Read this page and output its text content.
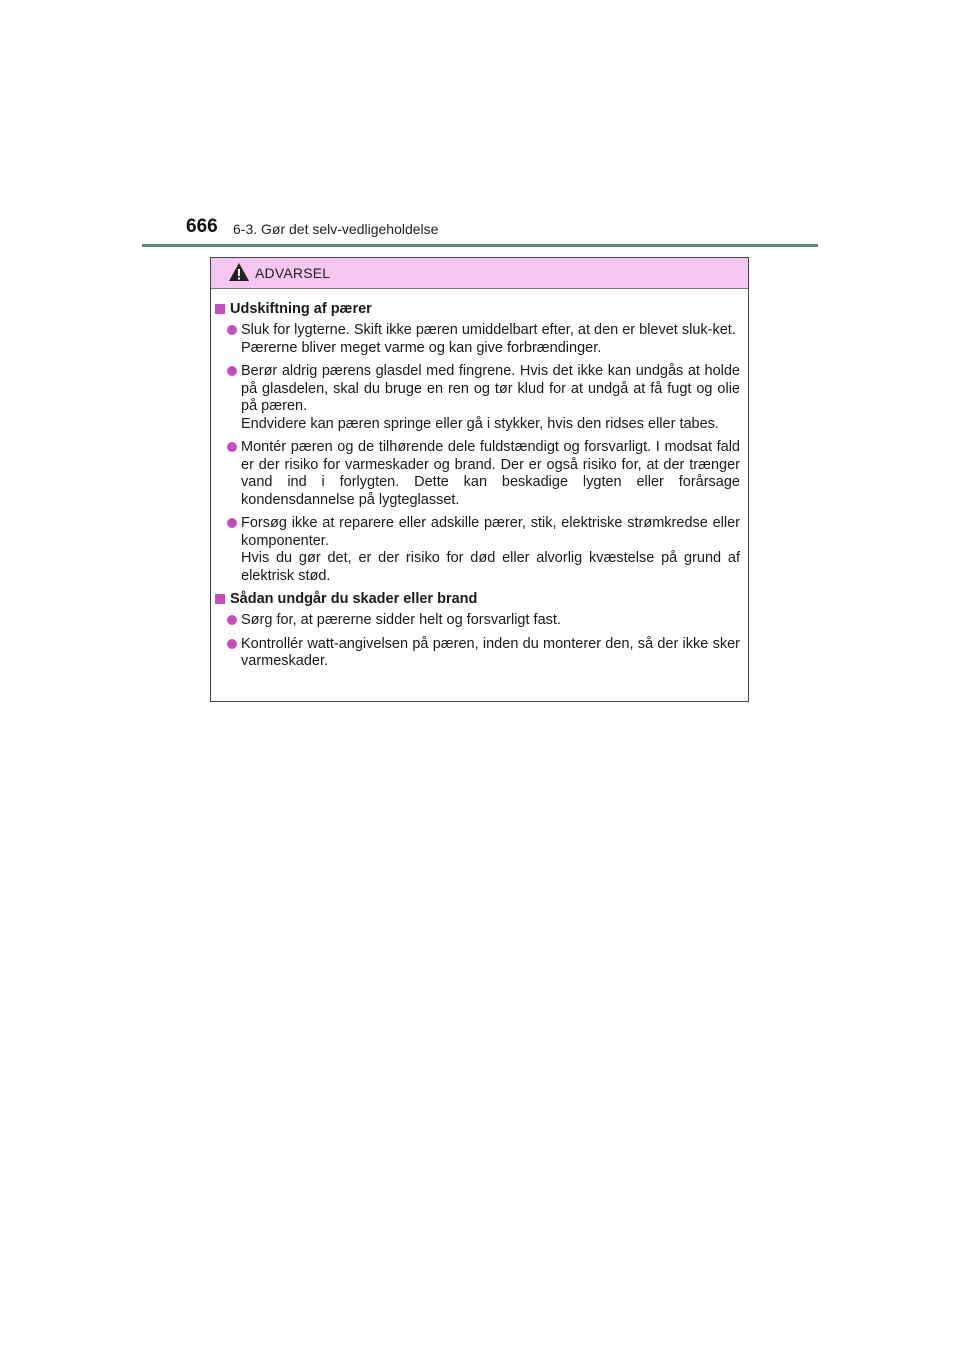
666 6-3. Gør det selv-vedligeholdelse
ADVARSEL
Udskiftning af pærer
Sluk for lygterne. Skift ikke pæren umiddelbart efter, at den er blevet sluk-ket.
Pærerne bliver meget varme og kan give forbrændinger.
Berør aldrig pærens glasdel med fingrene. Hvis det ikke kan undgås at holde på glasdelen, skal du bruge en ren og tør klud for at undgå at få fugt og olie på pæren.
Endvidere kan pæren springe eller gå i stykker, hvis den ridses eller tabes.
Montér pæren og de tilhørende dele fuldstændigt og forsvarligt. I modsat fald er der risiko for varmeskader og brand. Der er også risiko for, at der trænger vand ind i forlygten. Dette kan beskadige lygten eller forårsage kondensdannelse på lygteglasset.
Forsøg ikke at reparere eller adskille pærer, stik, elektriske strømkredse eller komponenter.
Hvis du gør det, er der risiko for død eller alvorlig kvæstelse på grund af elektrisk stød.
Sådan undgår du skader eller brand
Sørg for, at pærerne sidder helt og forsvarligt fast.
Kontrollér watt-angivelsen på pæren, inden du monterer den, så der ikke sker varmeskader.
